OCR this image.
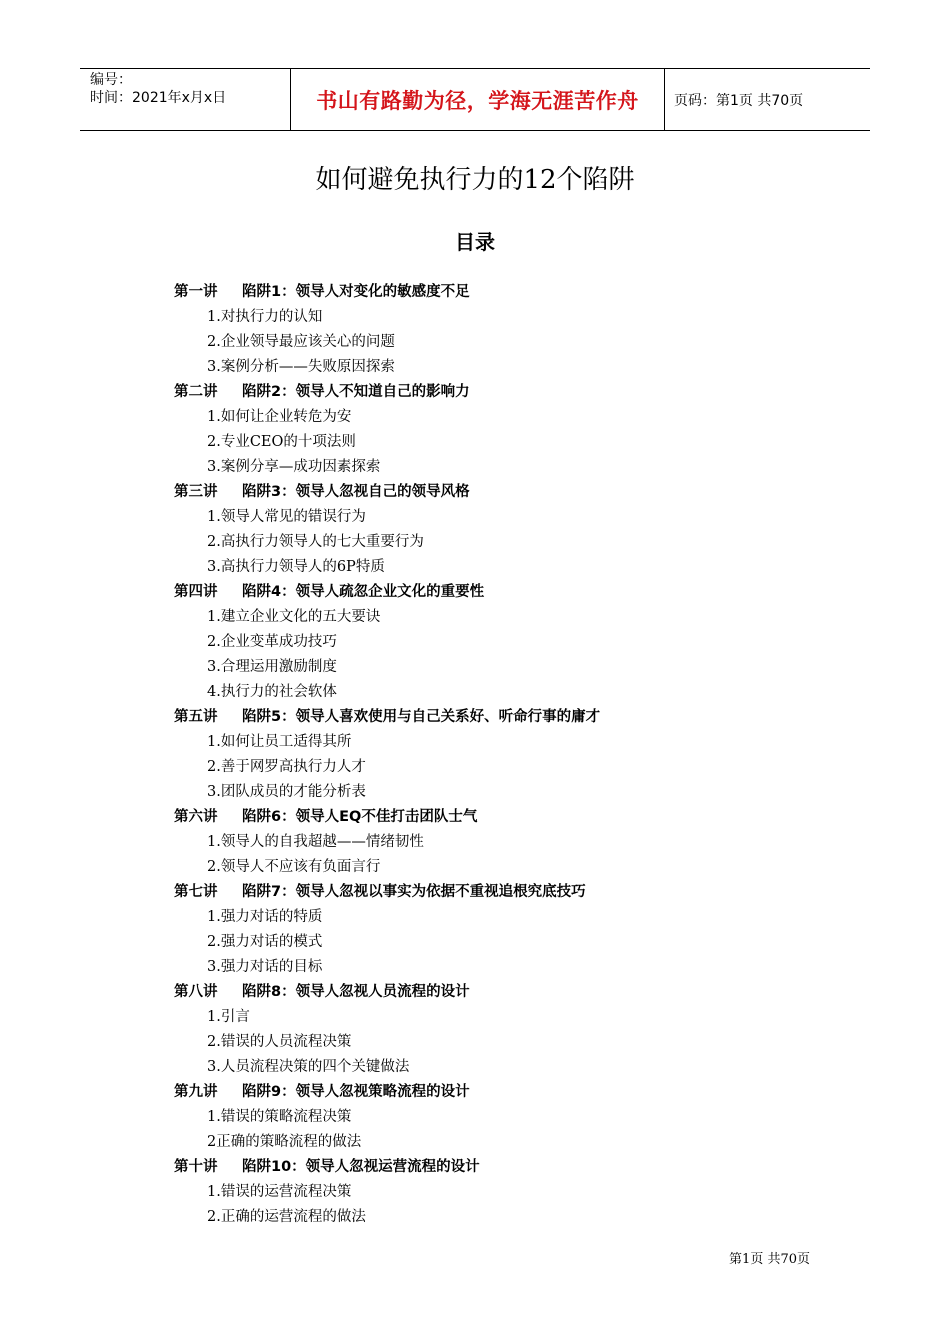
编号：
时间：2021年x月x日	书山有路勤为径，学海无涯苦作舟	页码：第1页 共70页
如何避免执行力的12个陷阱
目录
第一讲 陷阱1：领导人对变化的敏感度不足
1.对执行力的认知
2.企业领导最应该关心的问题
3.案例分析——失败原因探索
第二讲 陷阱2：领导人不知道自己的影响力
1.如何让企业转危为安
2.专业CEO的十项法则
3.案例分享—成功因素探索
第三讲 陷阱3：领导人忽视自己的领导风格
1.领导人常见的错误行为
2.高执行力领导人的七大重要行为
3.高执行力领导人的6P特质
第四讲 陷阱4：领导人疏忽企业文化的重要性
1.建立企业文化的五大要诀
2.企业变革成功技巧
3.合理运用激励制度
4.执行力的社会软体
第五讲 陷阱5：领导人喜欢使用与自己关系好、听命行事的庸才
1.如何让员工适得其所
2.善于网罗高执行力人才
3.团队成员的才能分析表
第六讲 陷阱6：领导人EQ不佳打击团队士气
1.领导人的自我超越——情绪韧性
2.领导人不应该有负面言行
第七讲 陷阱7：领导人忽视以事实为依据不重视追根究底技巧
1.强力对话的特质
2.强力对话的模式
3.强力对话的目标
第八讲 陷阱8：领导人忽视人员流程的设计
1.引言
2.错误的人员流程决策
3.人员流程决策的四个关键做法
第九讲 陷阱9：领导人忽视策略流程的设计
1.错误的策略流程决策
2正确的策略流程的做法
第十讲 陷阱10：领导人忽视运营流程的设计
1.错误的运营流程决策
2.正确的运营流程的做法
第1页 共70页
